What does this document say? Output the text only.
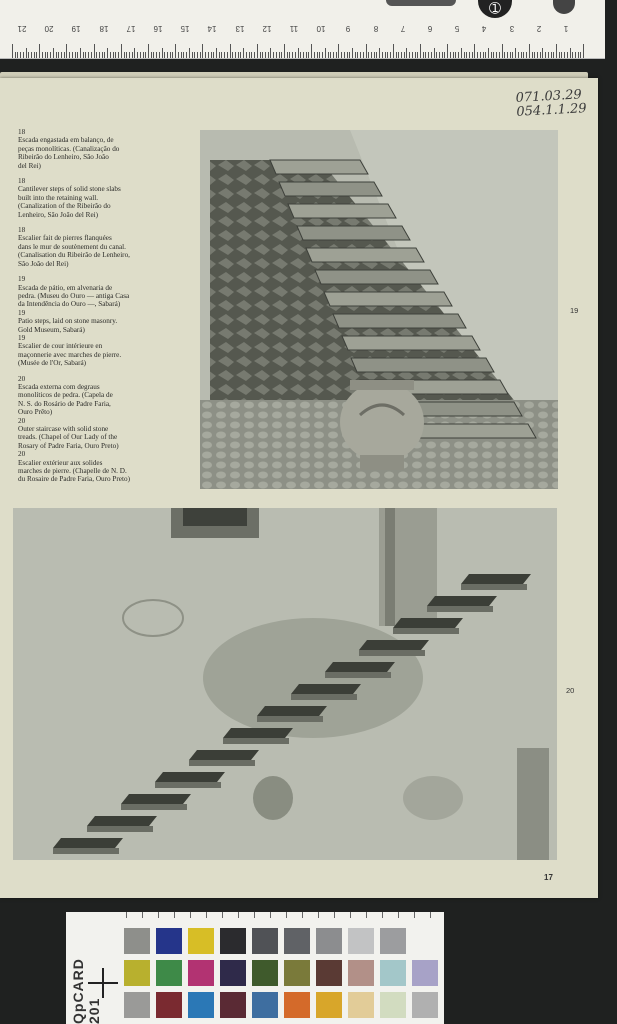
➀
21 20 19 18 17 16 15 14 13 12 11 10	9	8	7	6	5	4	3	2	1
071.03.29
054.1.1.29
18
Escada engastada em balanço, de
peças monolíticas. (Canalização do
Ribeirão do Lenheiro, São João
del Rei)
18
Cantilever steps of solid stone slabs
built into the retaining wall.
(Canalization of the Ribeirão do
Lenheiro, São João del Rei)
18
Escalier fait de pierres flanquées
dans le mur de soutènement du canal.
(Canalisation du Ribeirão de Lenheiro,
São João del Rei)
19
Escada de pátio, em alvenaria de
pedra. (Museu do Ouro — antiga Casa
da Intendência do Ouro —, Sabará)
19
Patio steps, laid on stone masonry.
Gold Museum, Sabará)
19
Escalier de cour intérieure en
maçonnerie avec marches de pierre.
(Musée de l'Or, Sabará)
20
Escada externa com degraus
monolíticos de pedra. (Capela de
N. S. do Rosário de Padre Faria,
Ouro Prêto)
20
Outer staircase with solid stone
treads. (Chapel of Our Lady of the
Rosary of Padre Faria, Ouro Preto)
20
Escalier extérieur aux solides
marches de pierre. (Chapelle de N. D.
du Rosaire de Padre Faria, Ouro Preto)
19
20
17
QpCARD 201
